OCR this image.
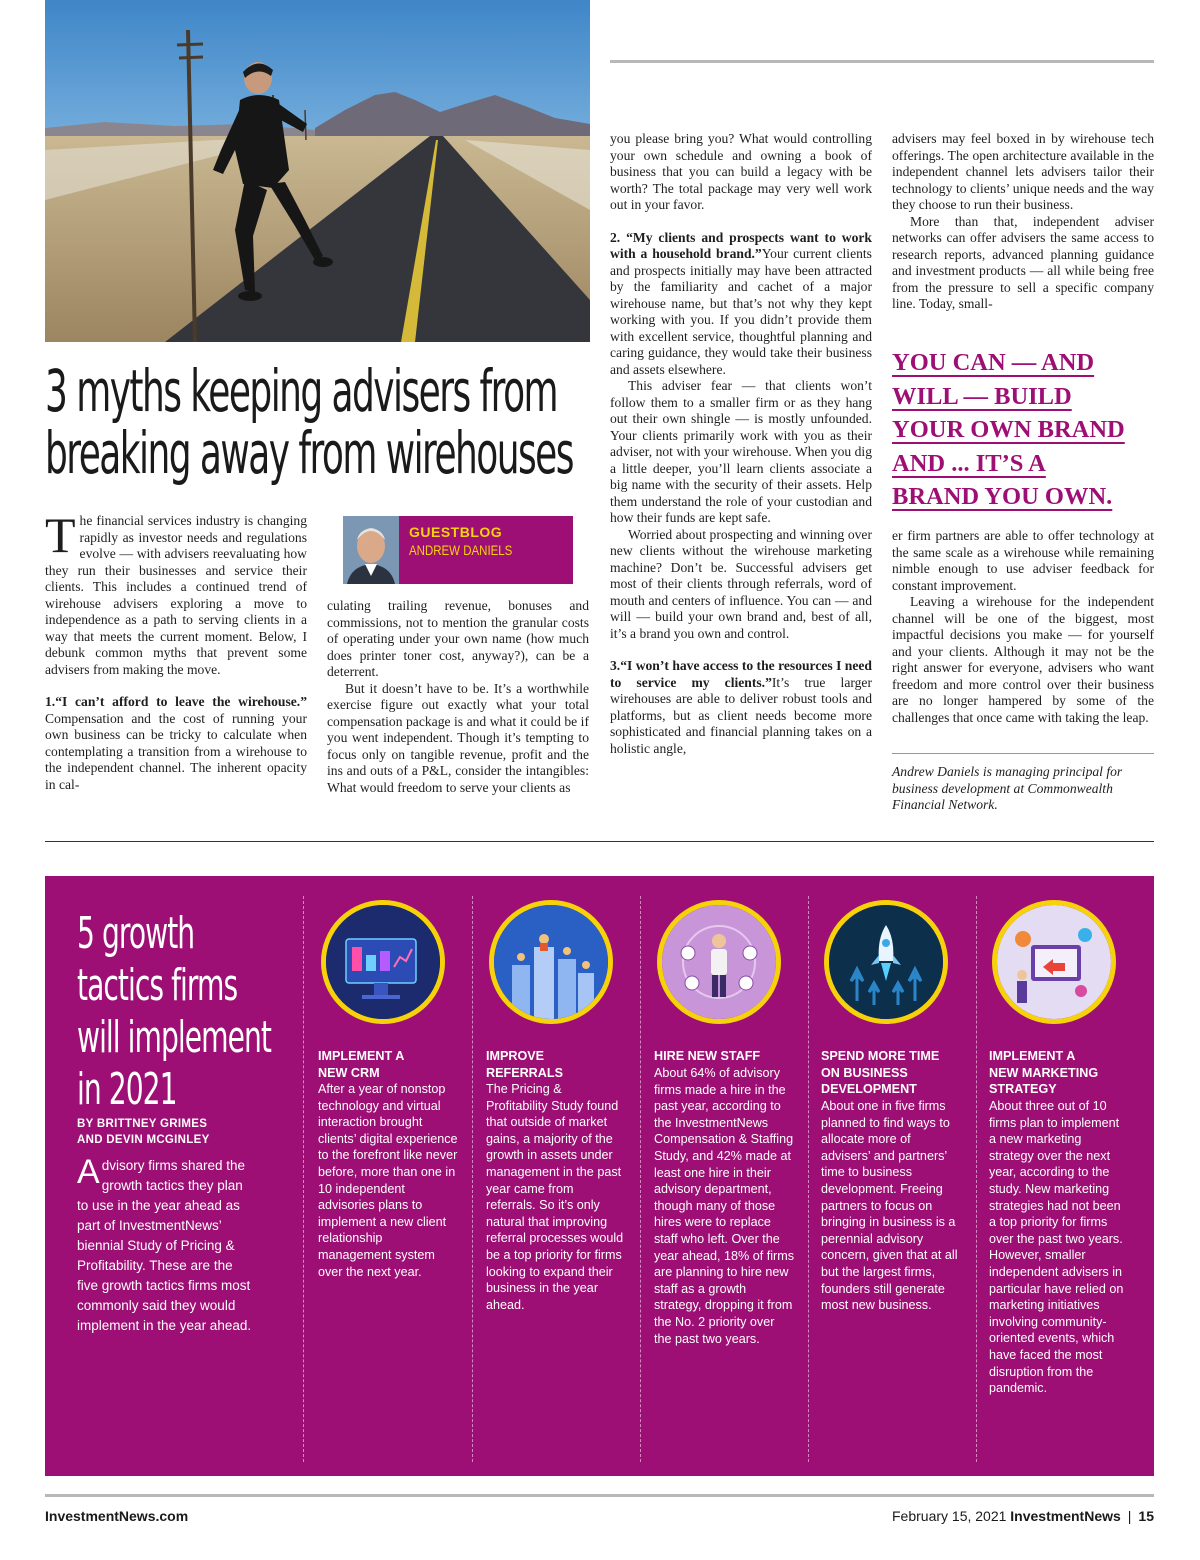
3 myths keeping advisers from
breaking away from wirehouses

The financial services industry is changing rapidly as investor needs and regulations evolve — with advisers reevaluating how they run their businesses and service their clients. This includes a continued trend of wirehouse advisers exploring a move to independence as a path to serving clients in a way that meets the current moment. Below, I debunk common myths that prevent some advisers from making the move.

1.“I can’t afford to leave the wirehouse.” Compensation and the cost of running your own business can be tricky to calculate when contemplating a transition from a wirehouse to the independent channel. The inherent opacity in cal-

GUESTBLOG
ANDREW DANIELS

culating trailing revenue, bonuses and commissions, not to mention the granular costs of operating under your own name (how much does printer toner cost, anyway?), can be a deterrent.

But it doesn’t have to be. It’s a worthwhile exercise figure out exactly what your total compensation package is and what it could be if you went independent. Though it’s tempting to focus only on tangible revenue, profit and the ins and outs of a P&L, consider the intangibles: What would freedom to serve your clients as

you please bring you? What would controlling your own schedule and owning a book of business that you can build a legacy with be worth? The total package may very well work out in your favor.

2. “My clients and prospects want to work with a household brand.”Your current clients and prospects initially may have been attracted by the familiarity and cachet of a major wirehouse name, but that’s not why they kept working with you. If you didn’t provide them with excellent service, thoughtful planning and caring guidance, they would take their business and assets elsewhere.

This adviser fear — that clients won’t follow them to a smaller firm or as they hang out their own shingle — is mostly unfounded. Your clients primarily work with you as their adviser, not with your wirehouse. When you dig a little deeper, you’ll learn clients associate a big name with the security of their assets. Help them understand the role of your custodian and how their funds are kept safe.

Worried about prospecting and winning over new clients without the wirehouse marketing machine? Don’t be. Successful advisers get most of their clients through referrals, word of mouth and centers of influence. You can — and will — build your own brand and, best of all, it’s a brand you own and control.

3.“I won’t have access to the resources I need to service my clients.”It’s true larger wirehouses are able to deliver robust tools and platforms, but as client needs become more sophisticated and financial planning takes on a holistic angle,

advisers may feel boxed in by wirehouse tech offerings. The open architecture available in the independent channel lets advisers tailor their technology to clients’ unique needs and the way they choose to run their business.

More than that, independent adviser networks can offer advisers the same access to research reports, advanced planning guidance and investment products — all while being free from the pressure to sell a specific company line. Today, small-

YOU CAN — AND
WILL — BUILD
YOUR OWN BRAND
AND ... IT’S A
BRAND YOU OWN.

er firm partners are able to offer technology at the same scale as a wirehouse while remaining nimble enough to use adviser feedback for constant improvement.

Leaving a wirehouse for the independent channel will be one of the biggest, most impactful decisions you make — for yourself and your clients. Although it may not be the right answer for everyone, advisers who want freedom and more control over their business are no longer hampered by some of the challenges that once came with taking the leap.

Andrew Daniels is managing principal for business development at Commonwealth Financial Network.
5 growth
tactics firms
will implement
in 2021
BY BRITTNEY GRIMES
AND DEVIN MCGINLEY
Advisory firms shared the growth tactics they plan to use in the year ahead as part of InvestmentNews’ biennial Study of Pricing & Profitability. These are the five growth tactics firms most commonly said they would implement in the year ahead.
IMPLEMENT A
NEW CRM
After a year of nonstop technology and virtual interaction brought clients’ digital experience to the forefront like never before, more than one in 10 independent advisories plans to implement a new client relationship management system over the next year.
IMPROVE
REFERRALS
The Pricing & Profitability Study found that outside of market gains, a majority of the growth in assets under management in the past year came from referrals. So it’s only natural that improving referral processes would be a top priority for firms looking to expand their business in the year ahead.
HIRE NEW STAFF
About 64% of advisory firms made a hire in the past year, according to the InvestmentNews Compensation & Staffing Study, and 42% made at least one hire in their advisory department, though many of those hires were to replace staff who left. Over the year ahead, 18% of firms are planning to hire new staff as a growth strategy, dropping it from the No. 2 priority over the past two years.
SPEND MORE TIME
ON BUSINESS
DEVELOPMENT
About one in five firms planned to find ways to allocate more of advisers’ and partners’ time to business development. Freeing partners to focus on bringing in business is a perennial advisory concern, given that at all but the largest firms, founders still generate most new business.
IMPLEMENT A
NEW MARKETING
STRATEGY
About three out of 10 firms plan to implement a new marketing strategy over the next year, according to the study. New marketing strategies had not been a top priority for firms over the past two years. However, smaller independent advisers in particular have relied on marketing initiatives involving community-oriented events, which have faced the most disruption from the pandemic.
InvestmentNews.com	February 15, 2021 InvestmentNews | 15
